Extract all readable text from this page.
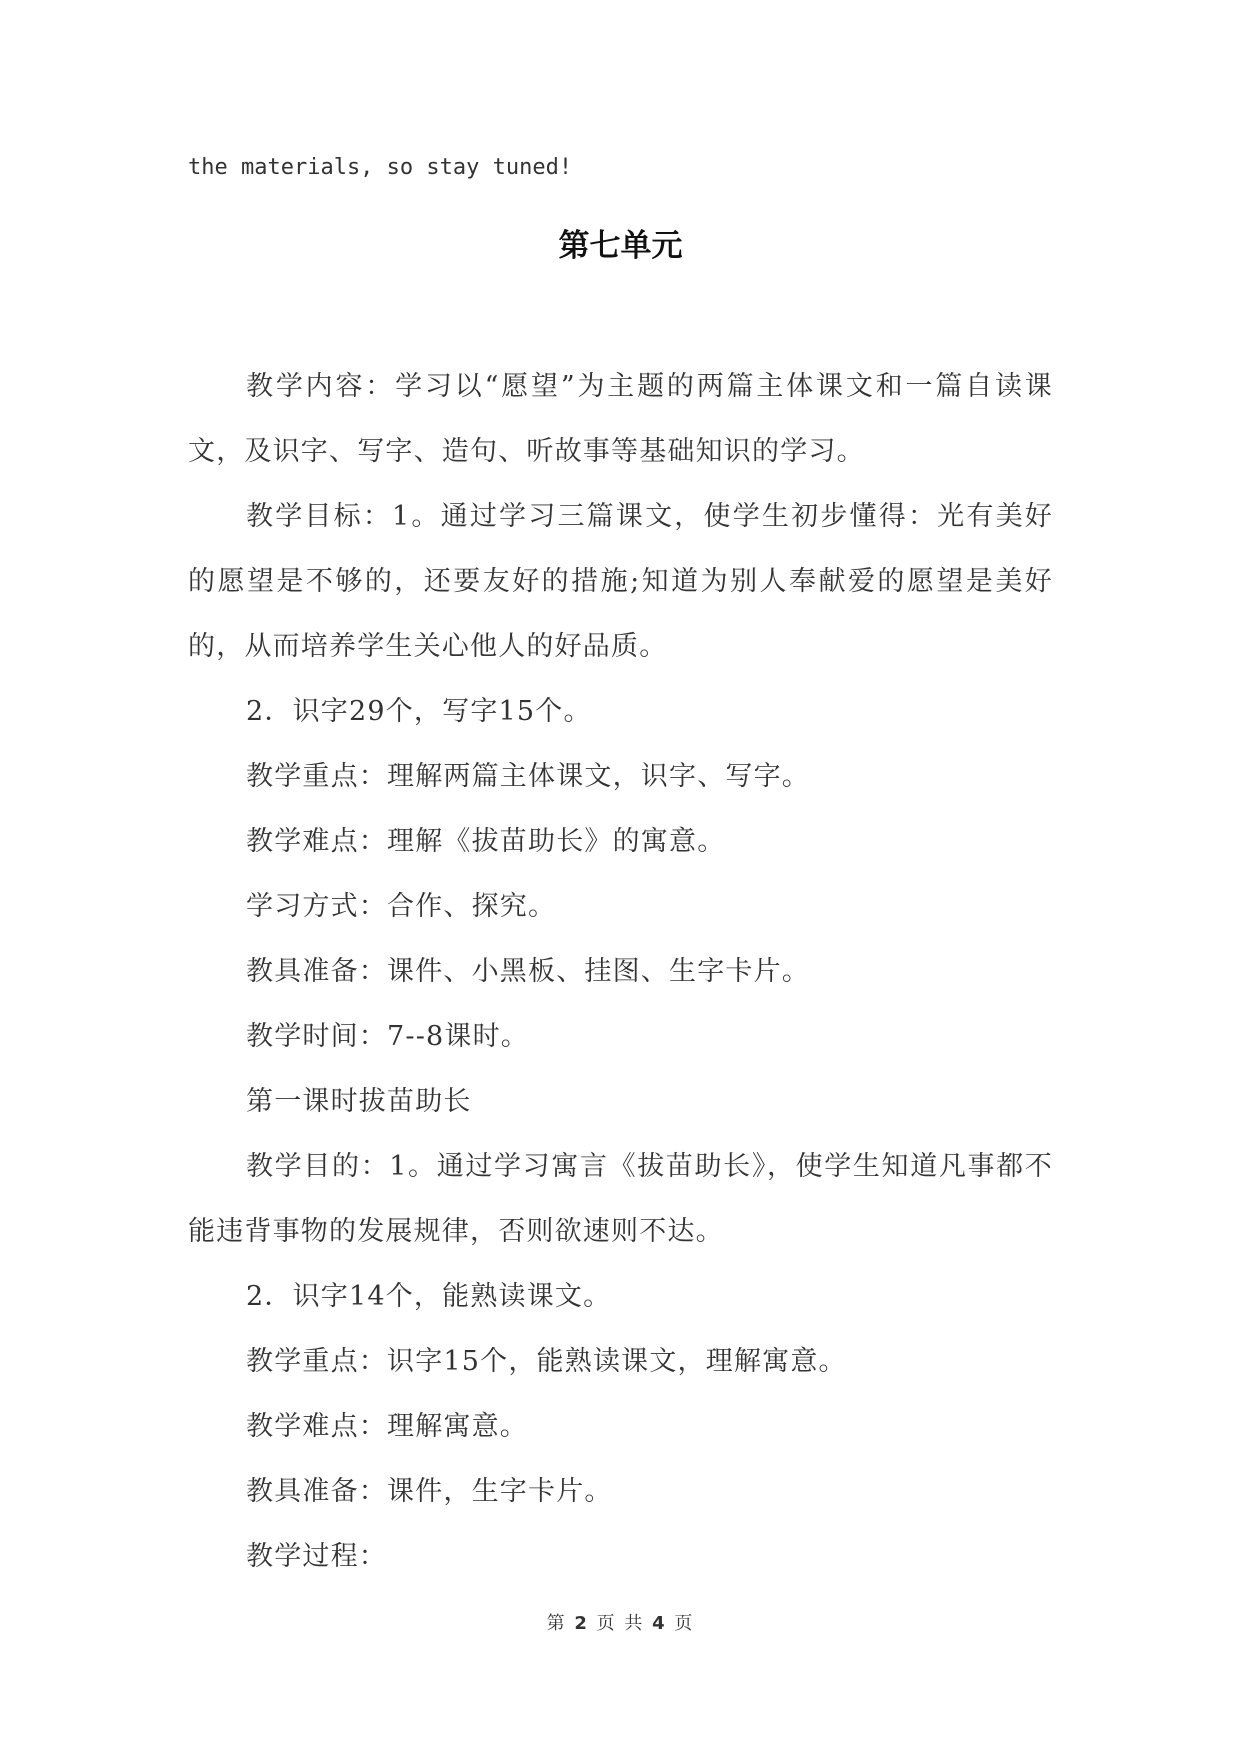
the materials, so stay tuned!
第七单元

教学内容：学习以“愿望”为主题的两篇主体课文和一篇自读课文，及识字、写字、造句、听故事等基础知识的学习。

教学目标：1。通过学习三篇课文，使学生初步懂得：光有美好的愿望是不够的，还要友好的措施;知道为别人奉献爱的愿望是美好的，从而培养学生关心他人的好品质。

2．识字29个，写字15个。

教学重点：理解两篇主体课文，识字、写字。

教学难点：理解《拔苗助长》的寓意。

学习方式：合作、探究。

教具准备：课件、小黑板、挂图、生字卡片。

教学时间：7--8课时。

第一课时拔苗助长

教学目的：1。通过学习寓言《拔苗助长》，使学生知道凡事都不能违背事物的发展规律，否则欲速则不达。

2．识字14个，能熟读课文。

教学重点：识字15个，能熟读课文，理解寓意。

教学难点：理解寓意。

教具准备：课件，生字卡片。

教学过程：

第 2 页 共 4 页
